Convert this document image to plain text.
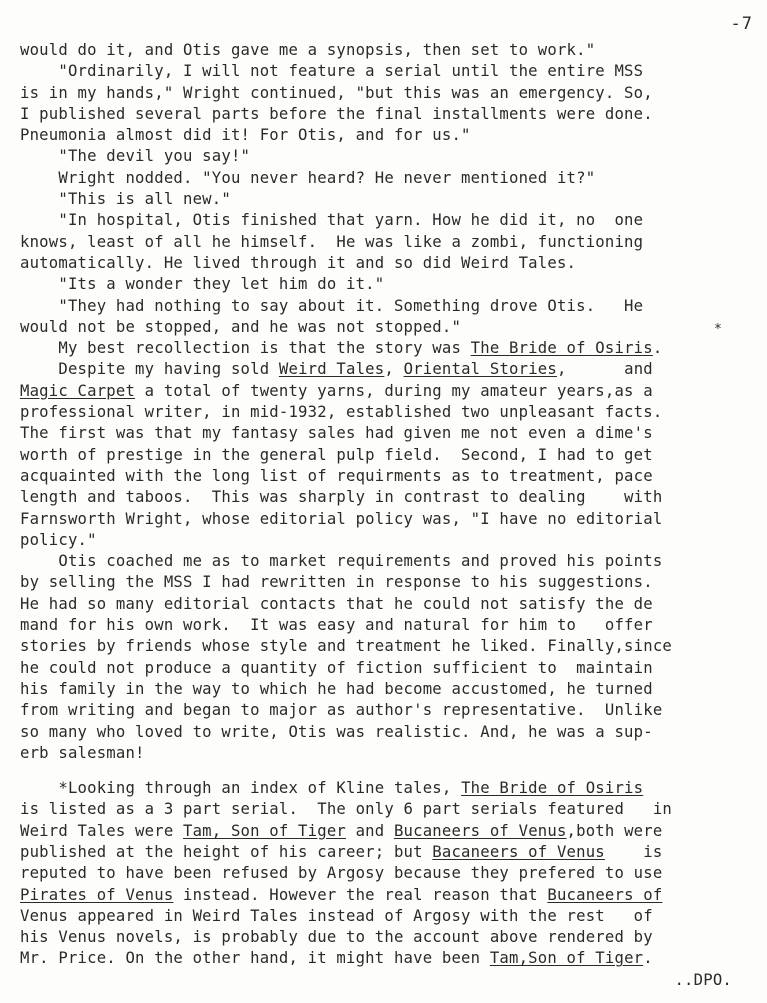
-7
*
would do it, and Otis gave me a synopsis, then set to work."
"Ordinarily, I will not feature a serial until the entire MSS
is in my hands," Wright continued, "but this was an emergency. So,
I published several parts before the final installments were done.
Pneumonia almost did it! For Otis, and for us."
"The devil you say!"
Wright nodded. "You never heard? He never mentioned it?"
"This is all new."
"In hospital, Otis finished that yarn. How he did it, no  one
knows, least of all he himself.  He was like a zombi, functioning
automatically. He lived through it and so did Weird Tales.
"Its a wonder they let him do it."
"They had nothing to say about it. Something drove Otis.   He
would not be stopped, and he was not stopped."
My best recollection is that the story was The Bride of Osiris.
Despite my having sold Weird Tales, Oriental Stories,      and
Magic Carpet a total of twenty yarns, during my amateur years,as a
professional writer, in mid-1932, established two unpleasant facts.
The first was that my fantasy sales had given me not even a dime's
worth of prestige in the general pulp field.  Second, I had to get
acquainted with the long list of requirments as to treatment, pace
length and taboos.  This was sharply in contrast to dealing    with
Farnsworth Wright, whose editorial policy was, "I have no editorial
policy."
Otis coached me as to market requirements and proved his points
by selling the MSS I had rewritten in response to his suggestions.
He had so many editorial contacts that he could not satisfy the de
mand for his own work.  It was easy and natural for him to   offer
stories by friends whose style and treatment he liked. Finally,since
he could not produce a quantity of fiction sufficient to  maintain
his family in the way to which he had become accustomed, he turned
from writing and began to major as author's representative.  Unlike
so many who loved to write, Otis was realistic. And, he was a sup-
erb salesman!
*Looking through an index of Kline tales, The Bride of Osiris
is listed as a 3 part serial.  The only 6 part serials featured   in
Weird Tales were Tam, Son of Tiger and Bucaneers of Venus,both were
published at the height of his career; but Bacaneers of Venus    is
reputed to have been refused by Argosy because they prefered to use
Pirates of Venus instead. However the real reason that Bucaneers of
Venus appeared in Weird Tales instead of Argosy with the rest   of
his Venus novels, is probably due to the account above rendered by
Mr. Price. On the other hand, it might have been Tam,Son of Tiger.
..DPO.
